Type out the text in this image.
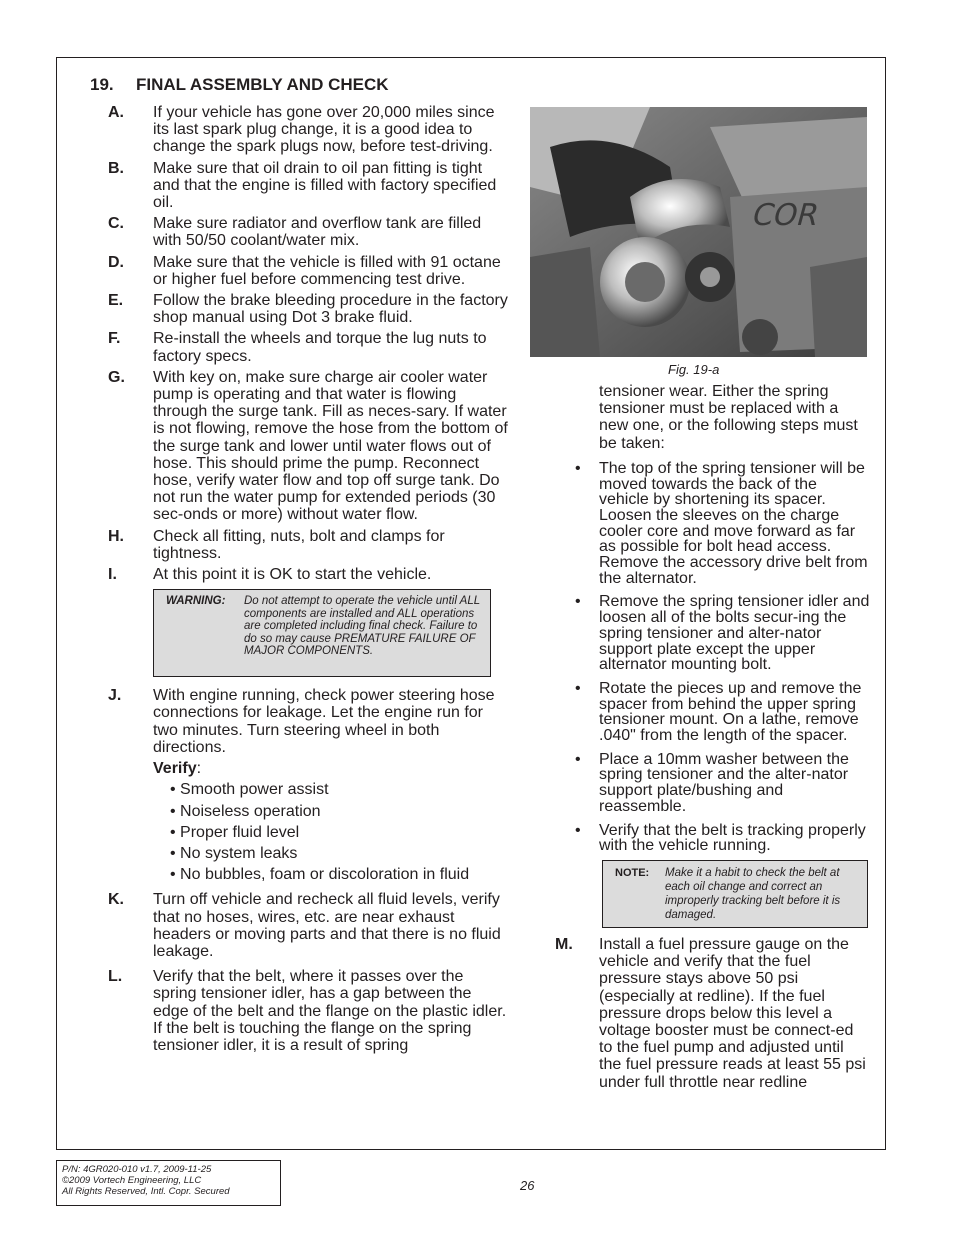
19. FINAL ASSEMBLY AND CHECK
A. If your vehicle has gone over 20,000 miles since its last spark plug change, it is a good idea to change the spark plugs now, before test-driving.
B. Make sure that oil drain to oil pan fitting is tight and that the engine is filled with factory specified oil.
C. Make sure radiator and overflow tank are filled with 50/50 coolant/water mix.
D. Make sure that the vehicle is filled with 91 octane or higher fuel before commencing test drive.
E. Follow the brake bleeding procedure in the factory shop manual using Dot 3 brake fluid.
F. Re-install the wheels and torque the lug nuts to factory specs.
G. With key on, make sure charge air cooler water pump is operating and that water is flowing through the surge tank. Fill as neces-sary. If water is not flowing, remove the hose from the bottom of the surge tank and lower until water flows out of hose. This should prime the pump. Reconnect hose, verify water flow and top off surge tank. Do not run the water pump for extended periods (30 sec-onds or more) without water flow.
H. Check all fitting, nuts, bolt and clamps for tightness.
I. At this point it is OK to start the vehicle.
WARNING: Do not attempt to operate the vehicle until ALL components are installed and ALL operations are completed including final check. Failure to do so may cause PREMATURE FAILURE OF MAJOR COMPONENTS.
J. With engine running, check power steering hose connections for leakage. Let the engine run for two minutes. Turn steering wheel in both directions.
Verify:
• Smooth power assist
• Noiseless operation
• Proper fluid level
• No system leaks
• No bubbles, foam or discoloration in fluid
K. Turn off vehicle and recheck all fluid levels, verify that no hoses, wires, etc. are near exhaust headers or moving parts and that there is no fluid leakage.
L. Verify that the belt, where it passes over the spring tensioner idler, has a gap between the edge of the belt and the flange on the plastic idler. If the belt is touching the flange on the spring tensioner idler, it is a result of spring
COR
Fig. 19-a

tensioner wear. Either the spring tensioner must be replaced with a new one, or the following steps must be taken:

• The top of the spring tensioner will be moved towards the back of the vehicle by shortening its spacer. Loosen the sleeves on the charge cooler core and move forward as far as possible for bolt head access. Remove the accessory drive belt from the alternator.
• Remove the spring tensioner idler and loosen all of the bolts secur-ing the spring tensioner and alter-nator support plate except the upper alternator mounting bolt.
• Rotate the pieces up and remove the spacer from behind the upper spring tensioner mount. On a lathe, remove .040" from the length of the spacer.
• Place a 10mm washer between the spring tensioner and the alter-nator support plate/bushing and reassemble.
• Verify that the belt is tracking properly with the vehicle running.
NOTE: Make it a habit to check the belt at each oil change and correct an improperly tracking belt before it is damaged.
M. Install a fuel pressure gauge on the vehicle and verify that the fuel pressure stays above 50 psi (especially at redline). If the fuel pressure drops below this level a voltage booster must be connect-ed to the fuel pump and adjusted until the fuel pressure reads at least 55 psi under full throttle near redline
P/N: 4GR020-010 v1.7, 2009-11-25
©2009 Vortech Engineering, LLC
All Rights Reserved, Intl. Copr. Secured	26
